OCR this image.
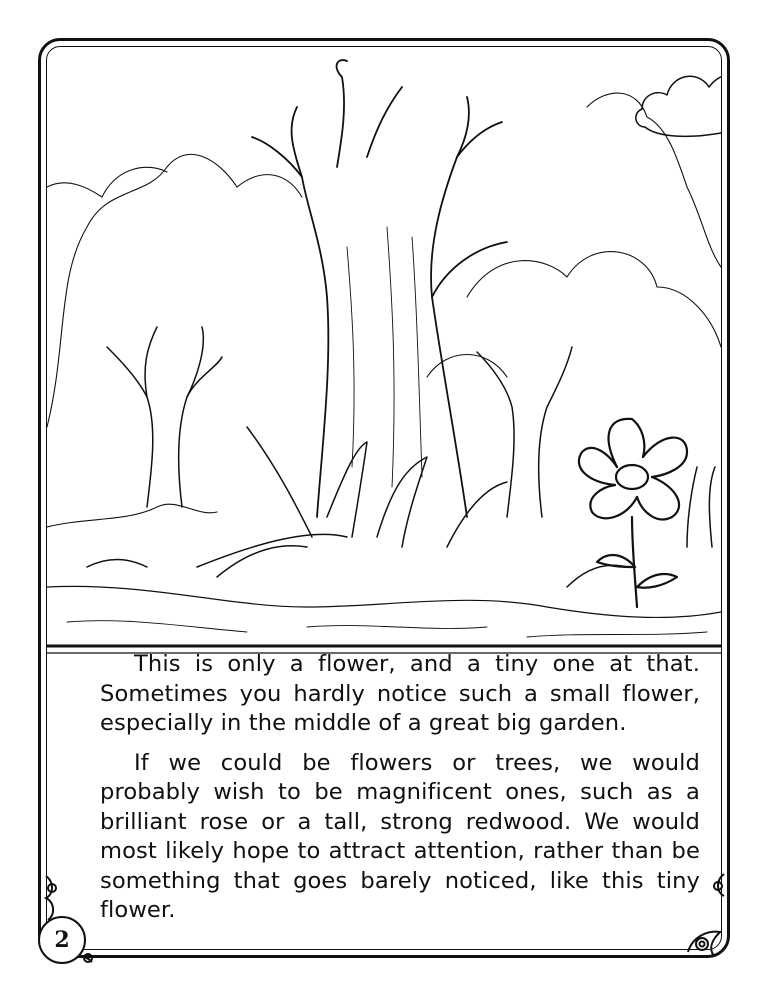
This is only a flower, and a tiny one at that. Sometimes you hardly notice such a small flower, especially in the middle of a great big garden.

If we could be flowers or trees, we would probably wish to be magnificent ones, such as a brilliant rose or a tall, strong redwood. We would most likely hope to attract attention, rather than be something that goes barely noticed, like this tiny flower.

2
